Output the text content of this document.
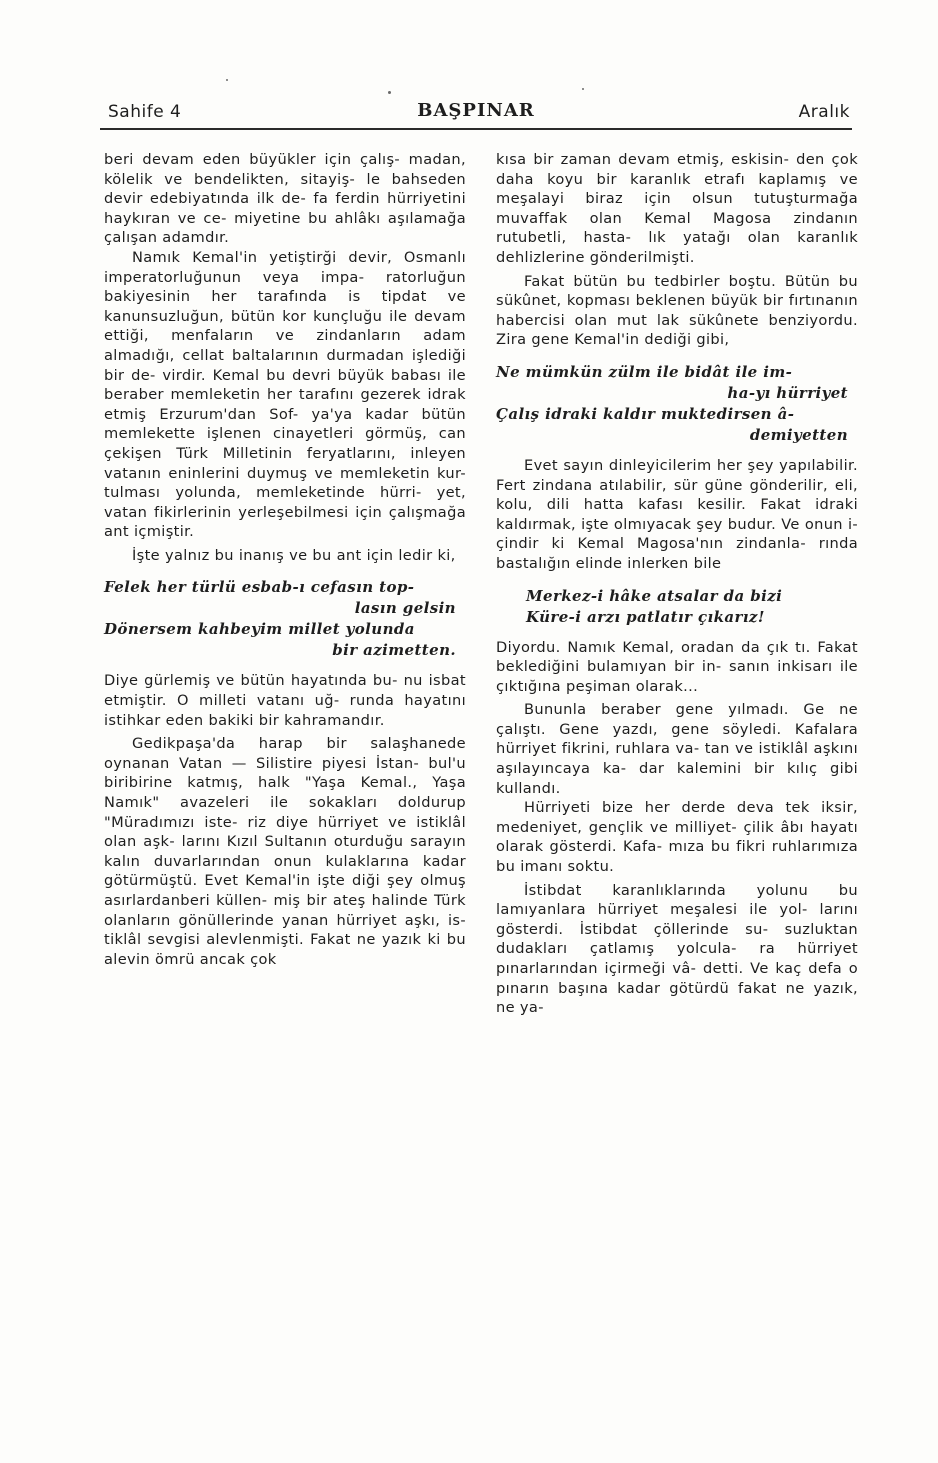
Sahife 4	BAŞPINAR	Aralık

beri devam eden büyükler için çalış- madan, kölelik ve bendelikten, sitayiş- le bahseden devir edebiyatında ilk de- fa ferdin hürriyetini haykıran ve ce- miyetine bu ahlâkı aşılamağa çalışan adamdır.

Namık Kemal'in yetiştirği devir, Osmanlı imperatorluğunun veya impa- ratorluğun bakiyesinin her tarafında is tipdat ve kanunsuzluğun, bütün kor kunçluğu ile devam ettiği, menfaların ve zindanların adam almadığı, cellat baltalarının durmadan işlediği bir de- virdir. Kemal bu devri büyük babası ile beraber memleketin her tarafını gezerek idrak etmiş Erzurum'dan Sof- ya'ya kadar bütün memlekette işlenen cinayetleri görmüş, can çekişen Türk Milletinin feryatlarını, inleyen vatanın eninlerini duymuş ve memleketin kur- tulması yolunda, memleketinde hürri- yet, vatan fikirlerinin yerleşebilmesi için çalışmağa ant içmiştir.

İşte yalnız bu inanış ve bu ant için ledir ki,

Felek her türlü esbab-ı cefasın top-
lasın gelsin
Dönersem kahbeyim millet yolunda
bir azimetten.

Diye gürlemiş ve bütün hayatında bu- nu isbat etmiştir. O milleti vatanı uğ- runda hayatını istihkar eden bakiki bir kahramandır.

Gedikpaşa'da harap bir salaşhanede oynanan Vatan — Silistire piyesi İstan- bul'u biribirine katmış, halk "Yaşa Kemal., Yaşa Namık" avazeleri ile sokakları doldurup "Müradımızı iste- riz diye hürriyet ve istiklâl olan aşk- larını Kızıl Sultanın oturduğu sarayın kalın duvarlarından onun kulaklarına kadar götürmüştü. Evet Kemal'in işte diği şey olmuş asırlardanberi küllen- miş bir ateş halinde Türk olanların gönüllerinde yanan hürriyet aşkı, is- tiklâl sevgisi alevlenmişti. Fakat ne yazık ki bu alevin ömrü ancak çok

kısa bir zaman devam etmiş, eskisin- den çok daha koyu bir karanlık etrafı kaplamış ve meşalayi biraz için olsun tutuşturmağa muvaffak olan Kemal Magosa zindanın rutubetli, hasta- lık yatağı olan karanlık dehlizlerine gönderilmişti.

Fakat bütün bu tedbirler boştu. Bütün bu sükûnet, kopması beklenen büyük bir fırtınanın habercisi olan mut lak sükûnete benziyordu. Zira gene Kemal'in dediği gibi,

Ne mümkün zülm ile bidât ile im-
ha-yı hürriyet
Çalış idraki kaldır muktedirsen â-
demiyetten

Evet sayın dinleyicilerim her şey yapılabilir. Fert zindana atılabilir, sür güne gönderilir, eli, kolu, dili hatta kafası kesilir. Fakat idraki kaldırmak, işte olmıyacak şey budur. Ve onun i- çindir ki Kemal Magosa'nın zindanla- rında bastalığın elinde inlerken bile

Merkez-i hâke atsalar da bizi
Küre-i arzı patlatır çıkarız!

Diyordu. Namık Kemal, oradan da çık tı. Fakat beklediğini bulamıyan bir in- sanın inkisarı ile çıktığına peşiman olarak...

Bununla beraber gene yılmadı. Ge ne çalıştı. Gene yazdı, gene söyledi. Kafalara hürriyet fikrini, ruhlara va- tan ve istiklâl aşkını aşılayıncaya ka- dar kalemini bir kılıç gibi kullandı.

Hürriyeti bize her derde deva tek iksir, medeniyet, gençlik ve milliyet- çilik âbı hayatı olarak gösterdi. Kafa- mıza bu fikri ruhlarımıza bu imanı soktu.

İstibdat karanlıklarında yolunu bu lamıyanlara hürriyet meşalesi ile yol- larını gösterdi. İstibdat çöllerinde su- suzluktan dudakları çatlamış yolcula- ra hürriyet pınarlarından içirmeği vâ- detti. Ve kaç defa o pınarın başına kadar götürdü fakat ne yazık, ne ya-
